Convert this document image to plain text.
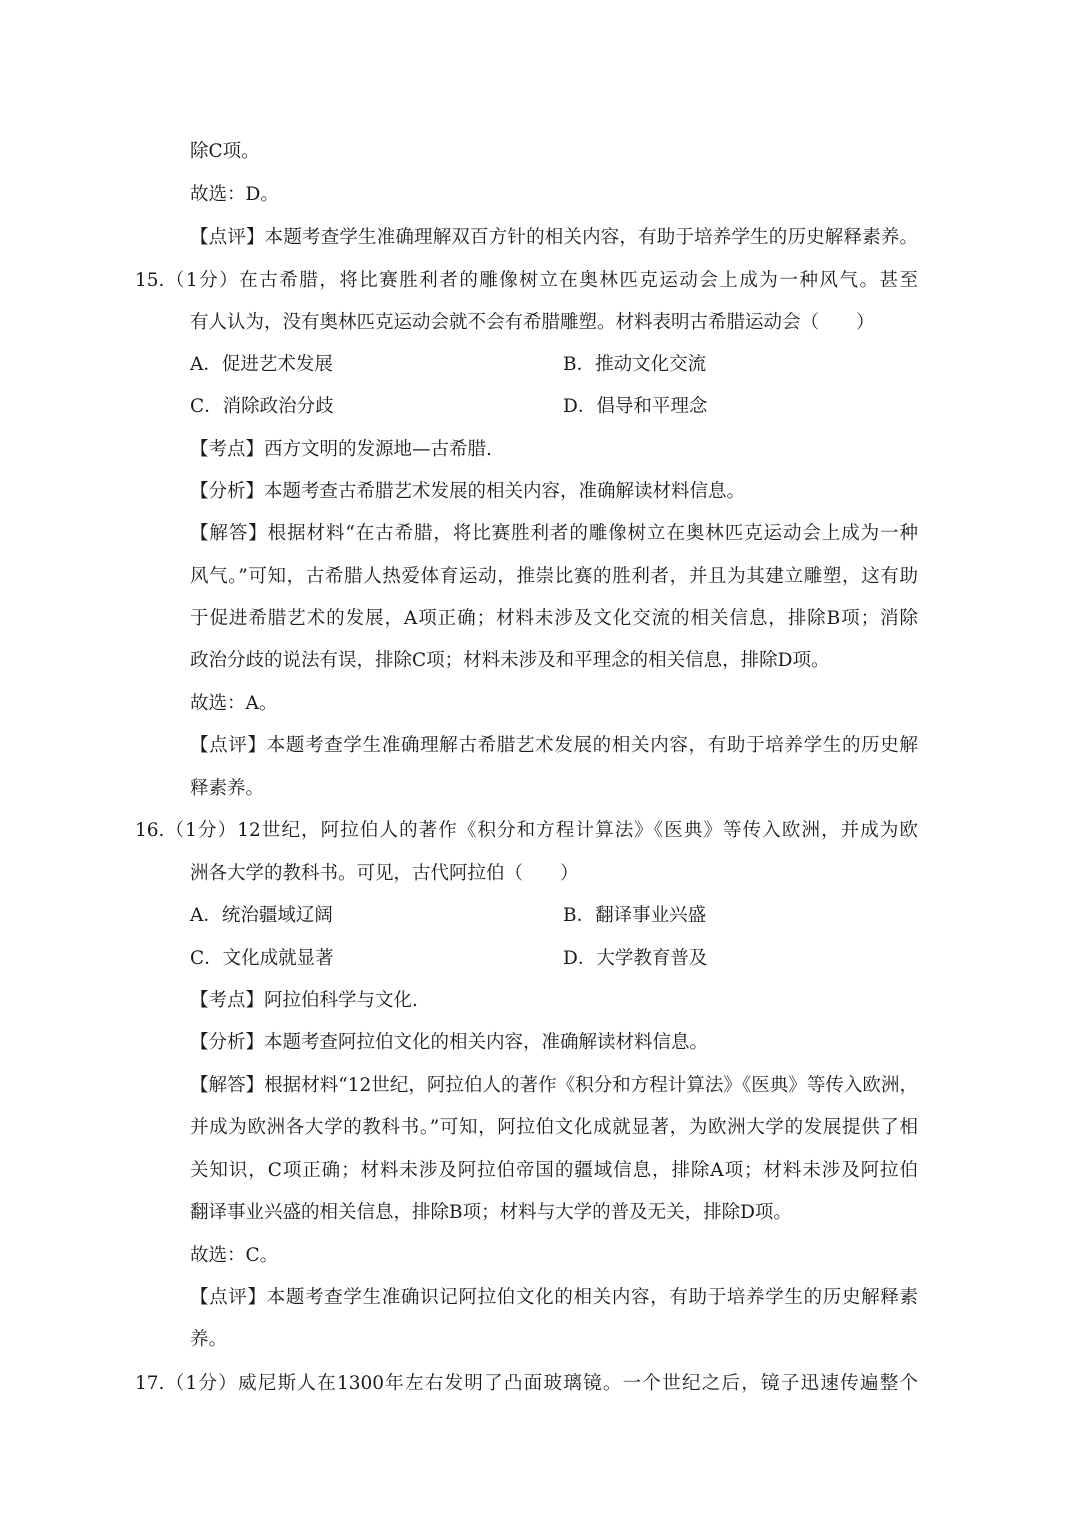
除C项。
故选：D。
【点评】本题考查学生准确理解双百方针的相关内容，有助于培养学生的历史解释素养。
15.（1分）在古希腊，将比赛胜利者的雕像树立在奥林匹克运动会上成为一种风气。甚至
有人认为，没有奥林匹克运动会就不会有希腊雕塑。材料表明古希腊运动会（　　）
A．促进艺术发展	B．推动文化交流
C．消除政治分歧	D．倡导和平理念
【考点】西方文明的发源地—古希腊.
【分析】本题考查古希腊艺术发展的相关内容，准确解读材料信息。
【解答】根据材料“在古希腊，将比赛胜利者的雕像树立在奥林匹克运动会上成为一种
风气。”可知，古希腊人热爱体育运动，推崇比赛的胜利者，并且为其建立雕塑，这有助
于促进希腊艺术的发展，A项正确；材料未涉及文化交流的相关信息，排除B项；消除
政治分歧的说法有误，排除C项；材料未涉及和平理念的相关信息，排除D项。
故选：A。
【点评】本题考查学生准确理解古希腊艺术发展的相关内容，有助于培养学生的历史解
释素养。
16.（1分）12世纪，阿拉伯人的著作《积分和方程计算法》《医典》等传入欧洲，并成为欧
洲各大学的教科书。可见，古代阿拉伯（　　）
A．统治疆域辽阔	B．翻译事业兴盛
C．文化成就显著	D．大学教育普及
【考点】阿拉伯科学与文化.
【分析】本题考查阿拉伯文化的相关内容，准确解读材料信息。
【解答】根据材料“12世纪，阿拉伯人的著作《积分和方程计算法》《医典》等传入欧洲，
并成为欧洲各大学的教科书。”可知，阿拉伯文化成就显著，为欧洲大学的发展提供了相
关知识，C项正确；材料未涉及阿拉伯帝国的疆域信息，排除A项；材料未涉及阿拉伯
翻译事业兴盛的相关信息，排除B项；材料与大学的普及无关，排除D项。
故选：C。
【点评】本题考查学生准确识记阿拉伯文化的相关内容，有助于培养学生的历史解释素
养。
17.（1分）威尼斯人在1300年左右发明了凸面玻璃镜。一个世纪之后，镜子迅速传遍整个
